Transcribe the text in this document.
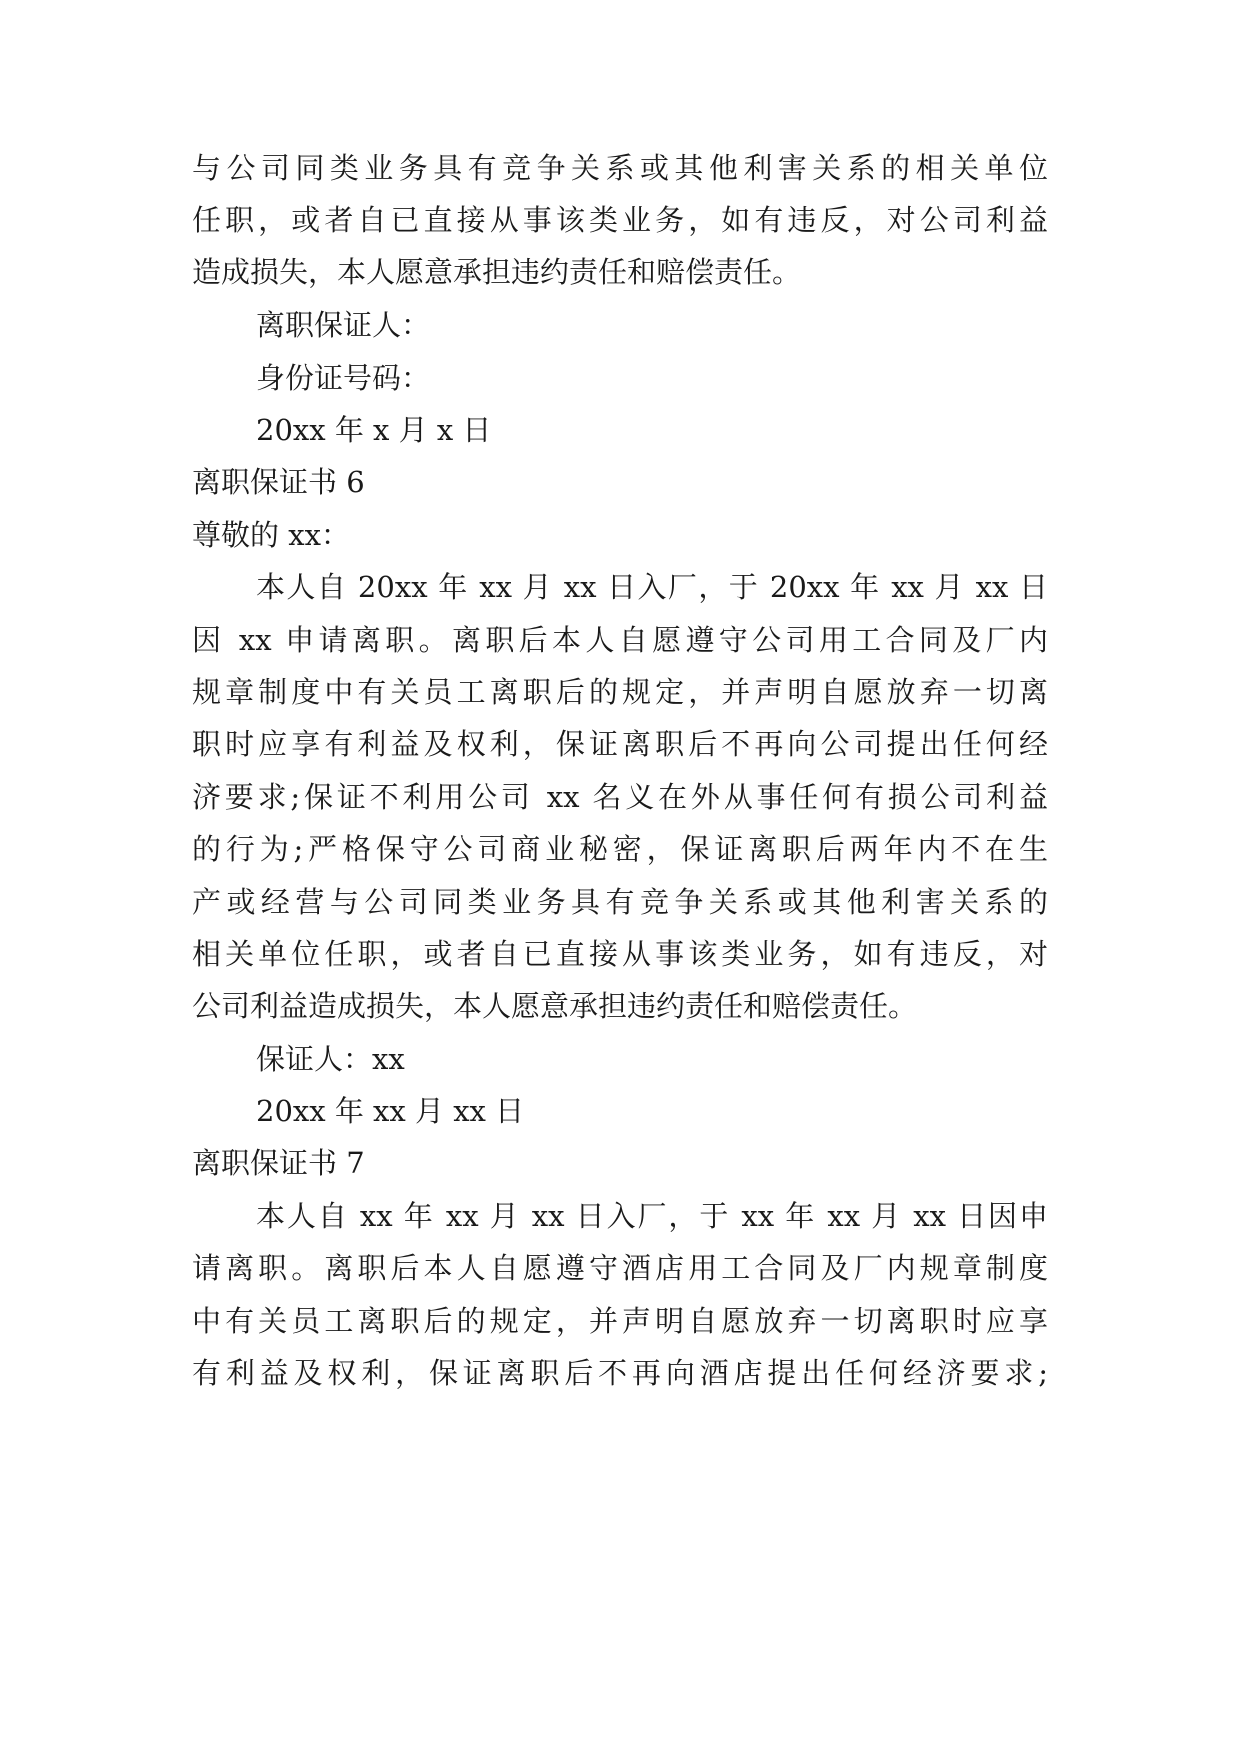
与公司同类业务具有竞争关系或其他利害关系的相关单位
任职，或者自已直接从事该类业务，如有违反，对公司利益
造成损失，本人愿意承担违约责任和赔偿责任。
离职保证人：
身份证号码：
20xx 年 x 月 x 日
离职保证书 6
尊敬的 xx：
本人自 20xx 年 xx 月 xx 日入厂，于 20xx 年 xx 月 xx 日
因 xx 申请离职。离职后本人自愿遵守公司用工合同及厂内
规章制度中有关员工离职后的规定，并声明自愿放弃一切离
职时应享有利益及权利，保证离职后不再向公司提出任何经
济要求;保证不利用公司 xx 名义在外从事任何有损公司利益
的行为;严格保守公司商业秘密，保证离职后两年内不在生
产或经营与公司同类业务具有竞争关系或其他利害关系的
相关单位任职，或者自已直接从事该类业务，如有违反，对
公司利益造成损失，本人愿意承担违约责任和赔偿责任。
保证人：xx
20xx 年 xx 月 xx 日
离职保证书 7
本人自 xx 年 xx 月 xx 日入厂，于 xx 年 xx 月 xx 日因申
请离职。离职后本人自愿遵守酒店用工合同及厂内规章制度
中有关员工离职后的规定，并声明自愿放弃一切离职时应享
有利益及权利，保证离职后不再向酒店提出任何经济要求;
